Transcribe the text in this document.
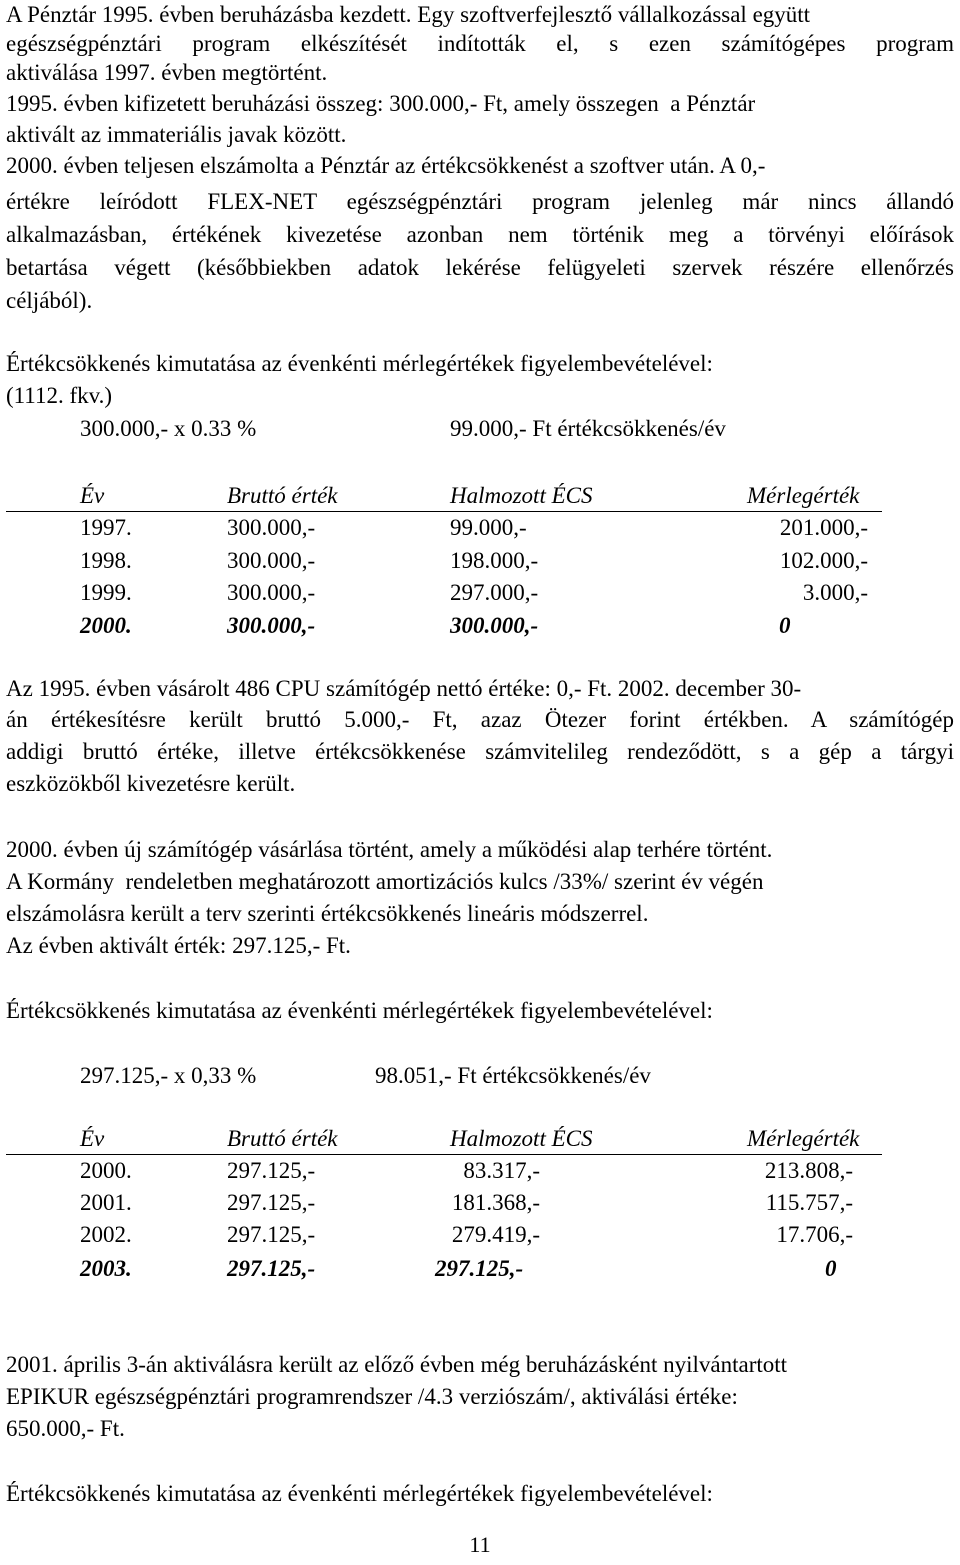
A Pénztár 1995. évben beruházásba kezdett. Egy szoftverfejlesztő vállalkozással együtt
egészségpénztári program elkészítését indították el, s ezen számítógépes program
aktiválása 1997. évben megtörtént.
1995. évben kifizetett beruházási összeg: 300.000,- Ft, amely összegen  a Pénztár
aktivált az immateriális javak között.
2000. évben teljesen elszámolta a Pénztár az értékcsökkenést a szoftver után. A 0,-
értékre leíródott FLEX-NET egészségpénztári program jelenleg már nincs állandó
alkalmazásban, értékének kivezetése azonban nem történik meg a törvényi előírások
betartása végett (későbbiekben adatok lekérése felügyeleti szervek részére ellenőrzés
céljából).
Értékcsökkenés kimutatása az évenkénti mérlegértékek figyelembevételével:
(1112. fkv.)
300.000,- x 0.33 %	99.000,- Ft értékcsökkenés/év
Év	Bruttó érték	Halmozott ÉCS	Mérlegérték
1997.	300.000,-	99.000,-	201.000,-
1998.	300.000,-	198.000,-	102.000,-
1999.	300.000,-	297.000,-	3.000,-
2000.	300.000,-	300.000,-	0
Az 1995. évben vásárolt 486 CPU számítógép nettó értéke: 0,- Ft. 2002. december 30-
án értékesítésre került bruttó 5.000,- Ft, azaz Ötezer forint értékben. A számítógép
addigi bruttó értéke, illetve értékcsökkenése számvitelileg rendeződött, s a gép a tárgyi
eszközökből kivezetésre került.
2000. évben új számítógép vásárlása történt, amely a működési alap terhére történt.
A Kormány  rendeletben meghatározott amortizációs kulcs /33%/ szerint év végén
elszámolásra került a terv szerinti értékcsökkenés lineáris módszerrel.
Az évben aktivált érték: 297.125,- Ft.
Értékcsökkenés kimutatása az évenkénti mérlegértékek figyelembevételével:
297.125,- x 0,33 %	98.051,- Ft értékcsökkenés/év
Év	Bruttó érték	Halmozott ÉCS	Mérlegérték
2000.	297.125,-	83.317,-	213.808,-
2001.	297.125,-	181.368,-	115.757,-
2002.	297.125,-	279.419,-	17.706,-
2003.	297.125,-	297.125,-	0
2001. április 3-án aktiválásra került az előző évben még beruházásként nyilvántartott
EPIKUR egészségpénztári programrendszer /4.3 verziószám/, aktiválási értéke:
650.000,- Ft.
Értékcsökkenés kimutatása az évenkénti mérlegértékek figyelembevételével:
11
